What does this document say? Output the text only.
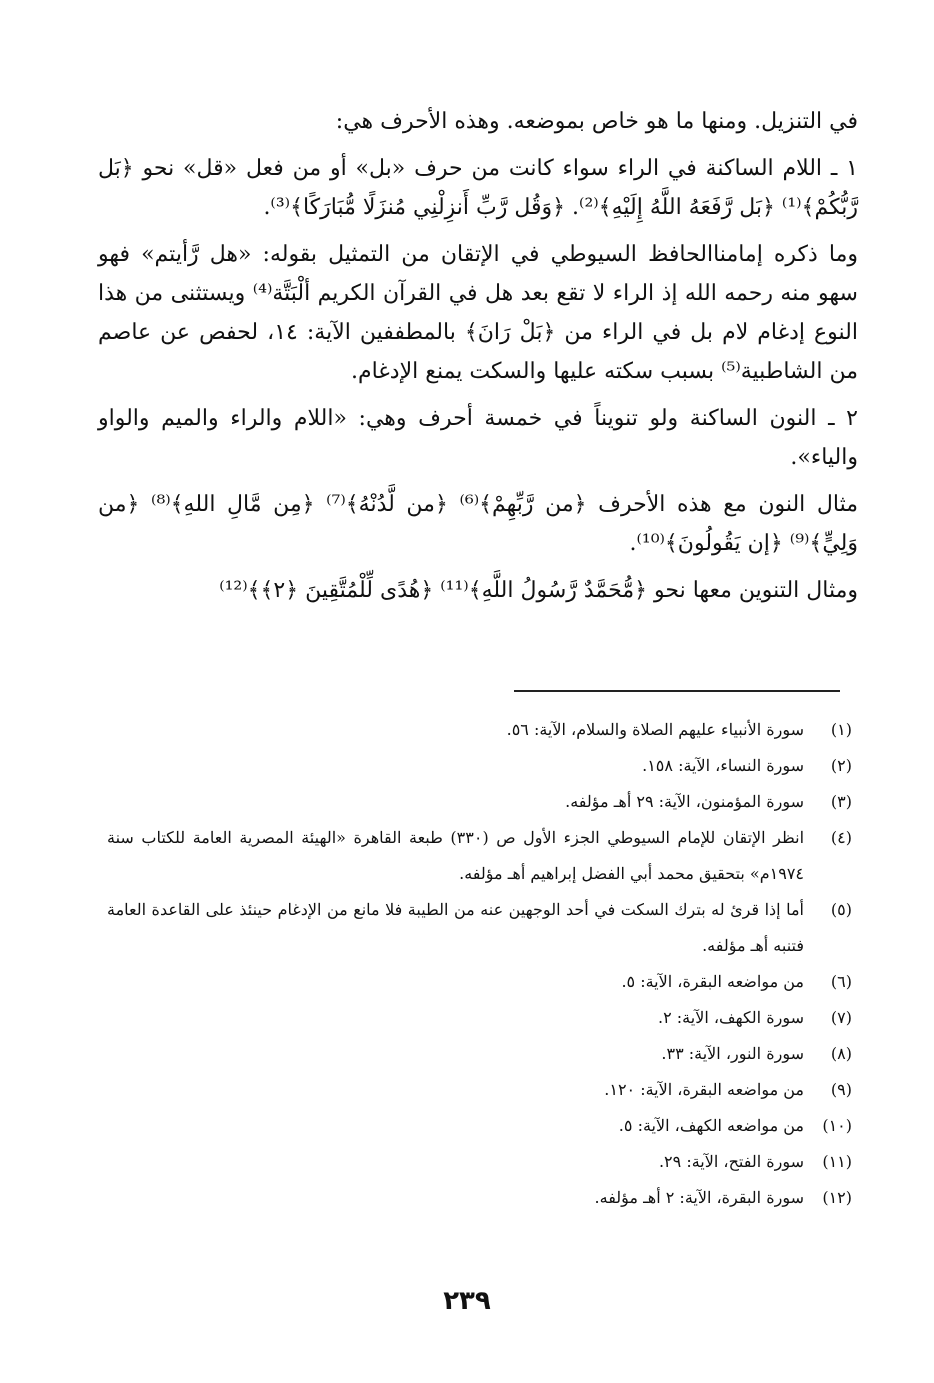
في التنزيل. ومنها ما هو خاص بموضعه. وهذه الأحرف هي:

١ ـ اللام الساكنة في الراء سواء كانت من حرف «بل» أو من فعل «قل» نحو ﴿بَل رَّبُّكُمْ﴾⁽¹⁾ ﴿بَل رَّفَعَهُ اللَّهُ إِلَيْهِ﴾⁽²⁾. ﴿وَقُل رَّبِّ أَنزِلْنِي مُنزَلًا مُّبَارَكًا﴾⁽³⁾.

وما ذكره إمامناالحافظ السيوطي في الإتقان من التمثيل بقوله: «هل رَّأيتم» فهو سهو منه رحمه الله إذ الراء لا تقع بعد هل في القرآن الكريم ألْبَتَّة⁽⁴⁾ ويستثنى من هذا النوع إدغام لام بل في الراء من ﴿بَلْ رَانَ﴾ بالمطففين الآية: ١٤، لحفص عن عاصم من الشاطبية⁽⁵⁾ بسبب سكته عليها والسكت يمنع الإدغام.

٢ ـ النون الساكنة ولو تنويناً في خمسة أحرف وهي: «اللام والراء والميم والواو والياء».

مثال النون مع هذه الأحرف ﴿من رَّبِّهِمْ﴾⁽⁶⁾ ﴿من لَّدُنْهُ﴾⁽⁷⁾ ﴿مِن مَّالِ اللهِ﴾⁽⁸⁾ ﴿من وَلِيٍّ﴾⁽⁹⁾ ﴿إن يَقُولُونَ﴾⁽¹⁰⁾.

ومثال التنوين معها نحو ﴿مُّحَمَّدٌ رَّسُولُ اللَّهِ﴾⁽¹¹⁾ ﴿هُدًى لِّلْمُتَّقِينَ ﴿٢﴾﴾⁽¹²⁾

(١)
سورة الأنبياء عليهم الصلاة والسلام، الآية: ٥٦.
(٢)
سورة النساء، الآية: ١٥٨.
(٣)
سورة المؤمنون، الآية: ٢٩ أهـ مؤلفه.
(٤)
انظر الإتقان للإمام السيوطي الجزء الأول ص (٣٣٠) طبعة القاهرة «الهيئة المصرية العامة للكتاب سنة ١٩٧٤م» بتحقيق محمد أبي الفضل إبراهيم أهـ مؤلفه.
(٥)
أما إذا قرئ له بترك السكت في أحد الوجهين عنه من الطيبة فلا مانع من الإدغام حينئذ على القاعدة العامة فتنبه أهـ مؤلفه.
(٦)
من مواضعه البقرة، الآية: ٥.
(٧)
سورة الكهف، الآية: ٢.
(٨)
سورة النور، الآية: ٣٣.
(٩)
من مواضعه البقرة، الآية: ١٢٠.
(١٠)
من مواضعه الكهف، الآية: ٥.
(١١)
سورة الفتح، الآية: ٢٩.
(١٢)
سورة البقرة، الآية: ٢ أهـ مؤلفه.
٢٣٩
